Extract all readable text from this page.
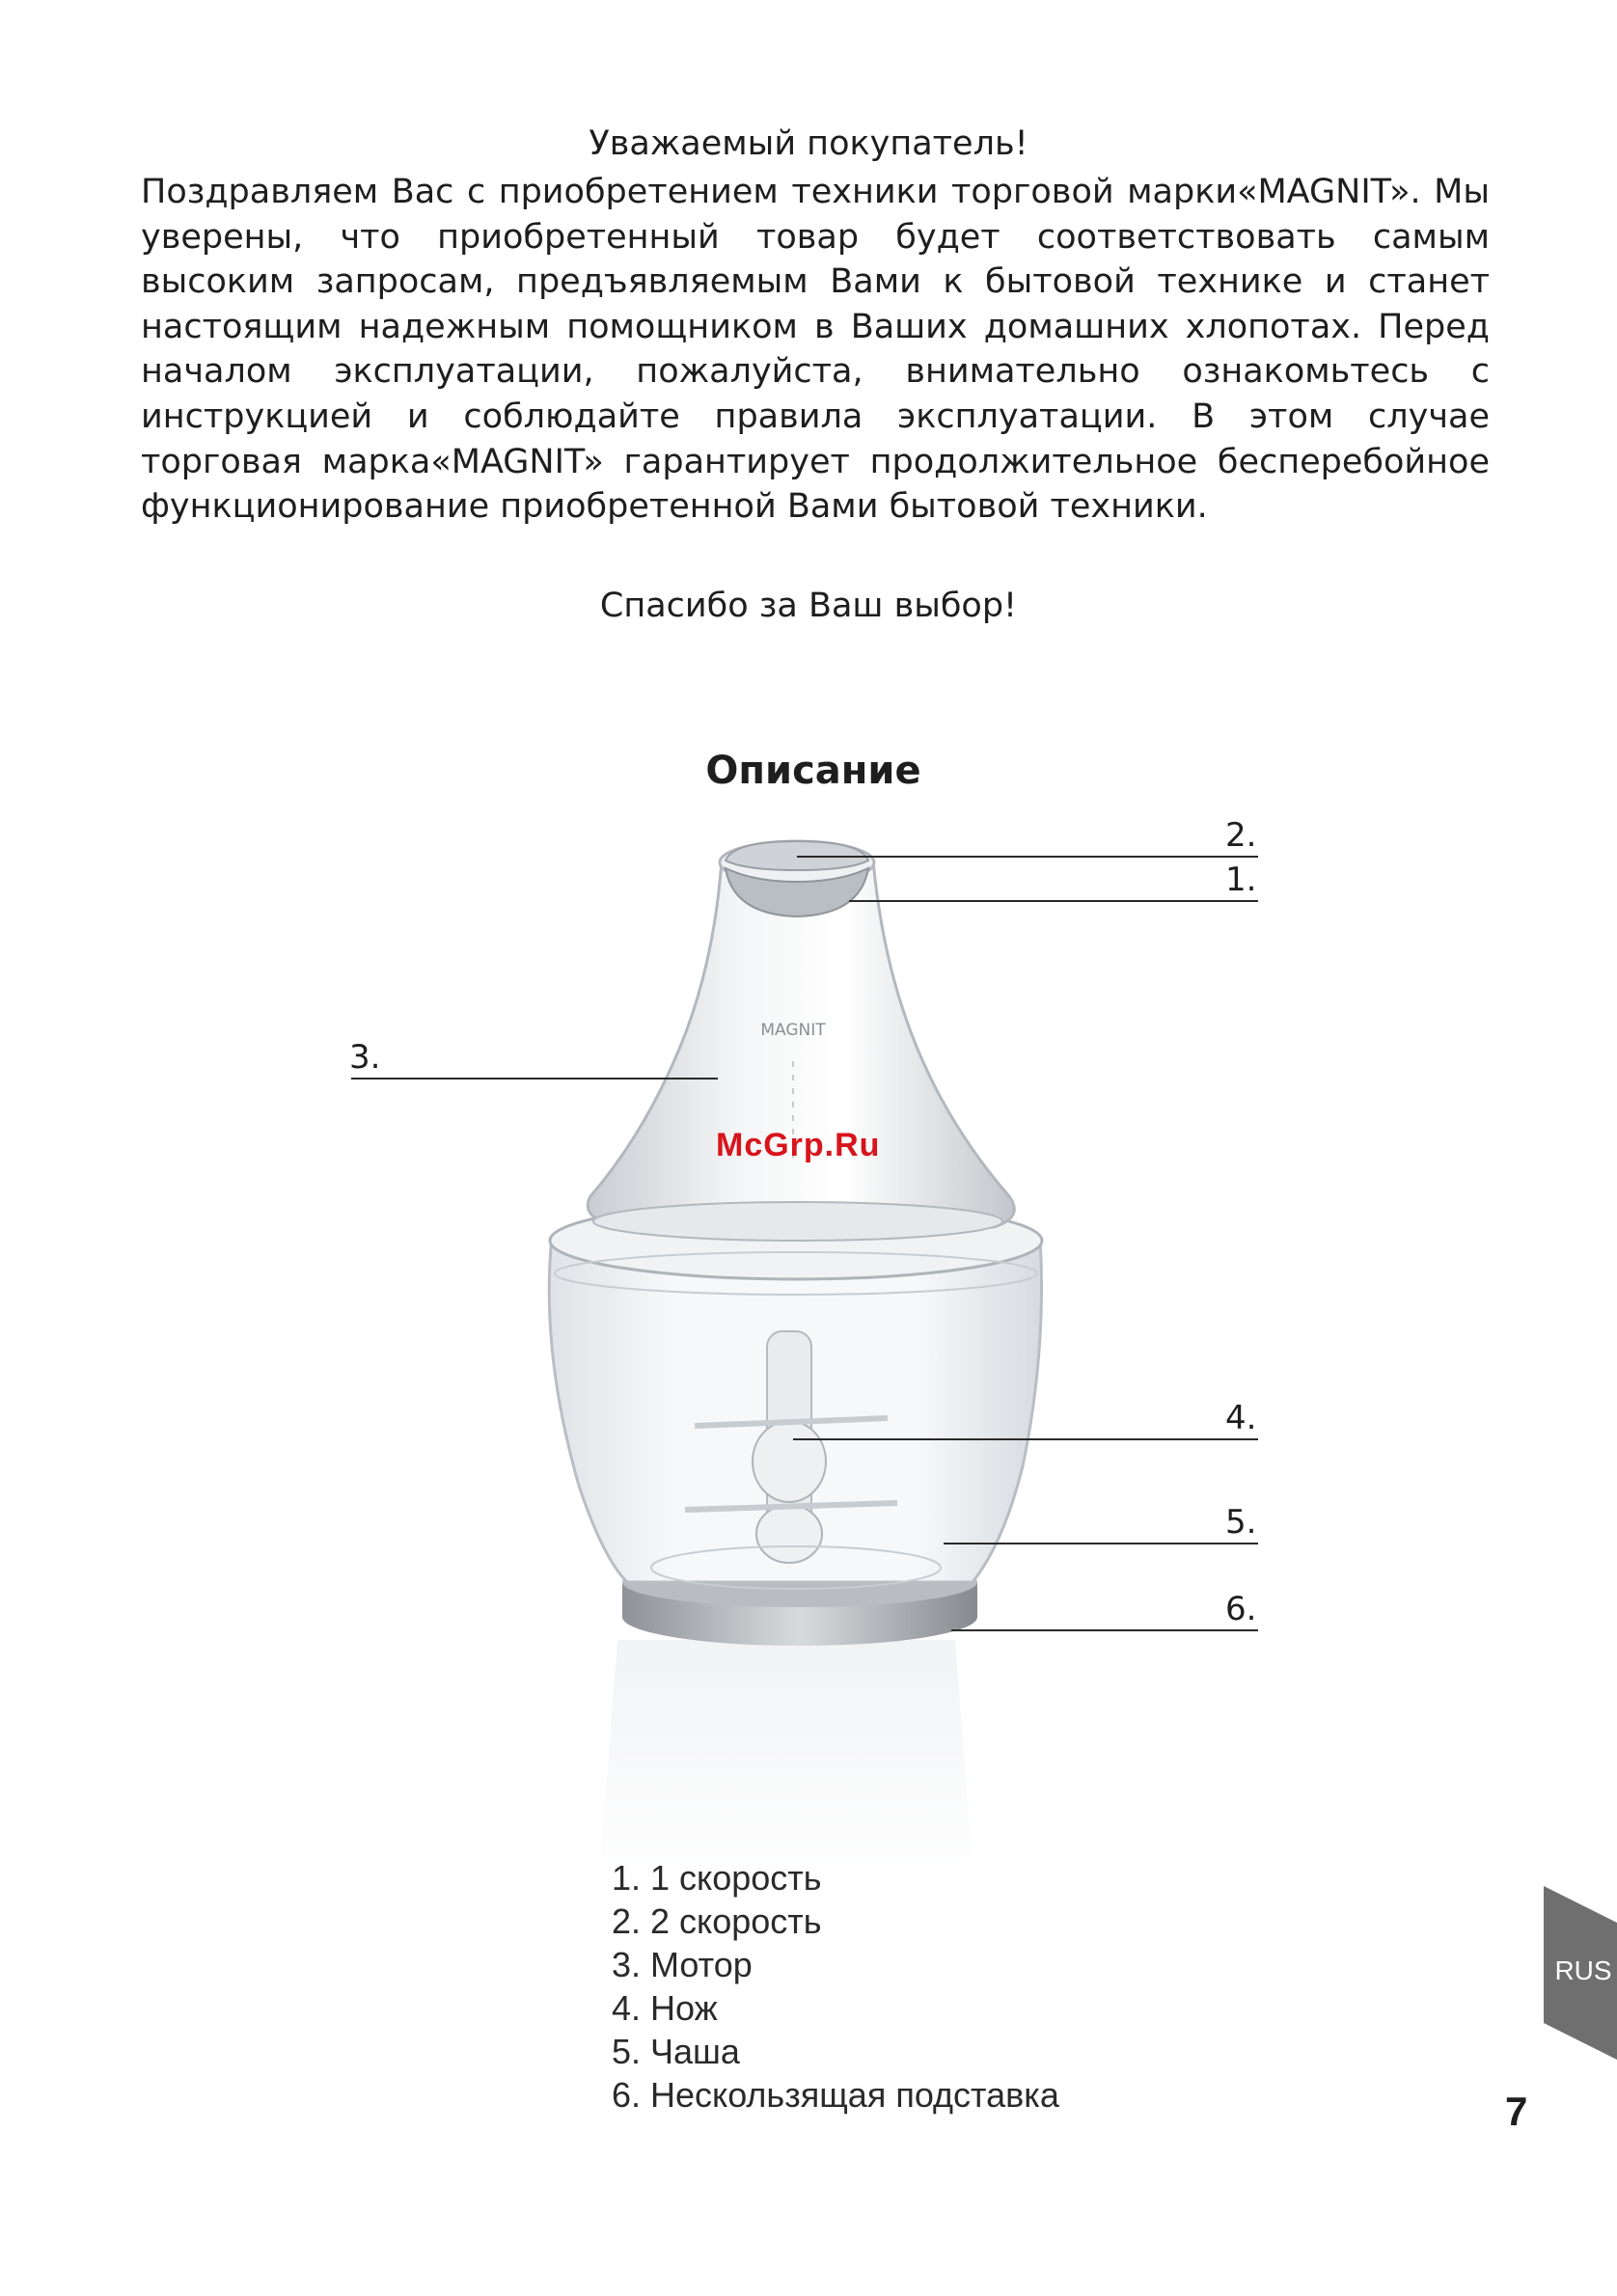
Уважаемый покупатель!

Поздравляем Вас с приобретением техники торговой марки«MAGNIT». Мы уверены, что приобретенный товар будет соответствовать самым высоким запросам, предъявляемым Вами к бытовой технике и станет настоящим надежным помощником в Ваших домашних хлопотах. Перед началом эксплуатации, пожалуйста, внимательно ознакомьтесь с инструкцией и соблюдайте правила эксплуатации. В этом случае торговая марка«MAGNIT» гарантирует продолжительное бесперебойное функционирование приобретенной Вами бытовой техники.

Спасибо за Ваш выбор!
Описание
MAGNIT
2.
1.
3.
4.
5.
6.
McGrp.Ru
1. 1 скорость
2. 2 скорость
3. Мотор
4. Нож
5. Чаша
6. Нескользящая подставка
RUS
7
